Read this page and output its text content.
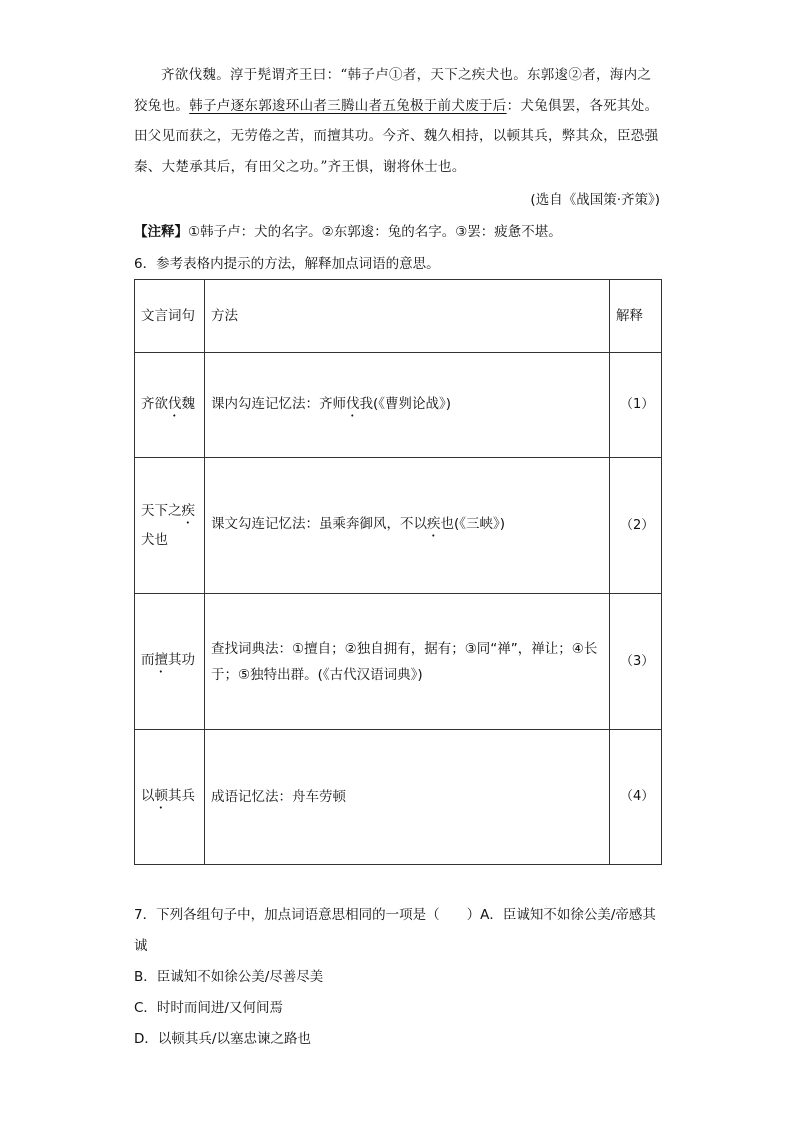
齐欲伐魏。淳于髡谓齐王曰：“韩子卢①者，天下之疾犬也。东郭逡②者，海内之狡兔也。韩子卢逐东郭逡环山者三腾山者五兔极于前犬废于后：犬兔俱罢，各死其处。田父见而获之，无劳倦之苦，而擅其功。今齐、魏久相持，以顿其兵，弊其众，臣恐强秦、大楚承其后，有田父之功。”齐王惧，谢将休士也。

(选自《战国策·齐策》)

【注释】①韩子卢：犬的名字。②东郭逡：兔的名字。③罢：疲惫不堪。

6．参考表格内提示的方法，解释加点词语的意思。

文言词句	方法	解释
齐欲伐魏	课内勾连记忆法：齐师伐我(《曹刿论战》)	（1）
天下之疾犬也	课文勾连记忆法：虽乘奔御风，不以疾也(《三峡》)	（2）
而擅其功	查找词典法：①擅自；②独自拥有，据有；③同“禅”，禅让；④长于；⑤独特出群。(《古代汉语词典》)	（3）
以顿其兵	成语记忆法：舟车劳顿	（4）
7．下列各组句子中，加点词语意思相同的一项是（　　）A．臣诚知不如徐公美/帝感其诚
B．臣诚知不如徐公美/尽善尽美
C．时时而间进/又何间焉
D．以顿其兵/以塞忠谏之路也
